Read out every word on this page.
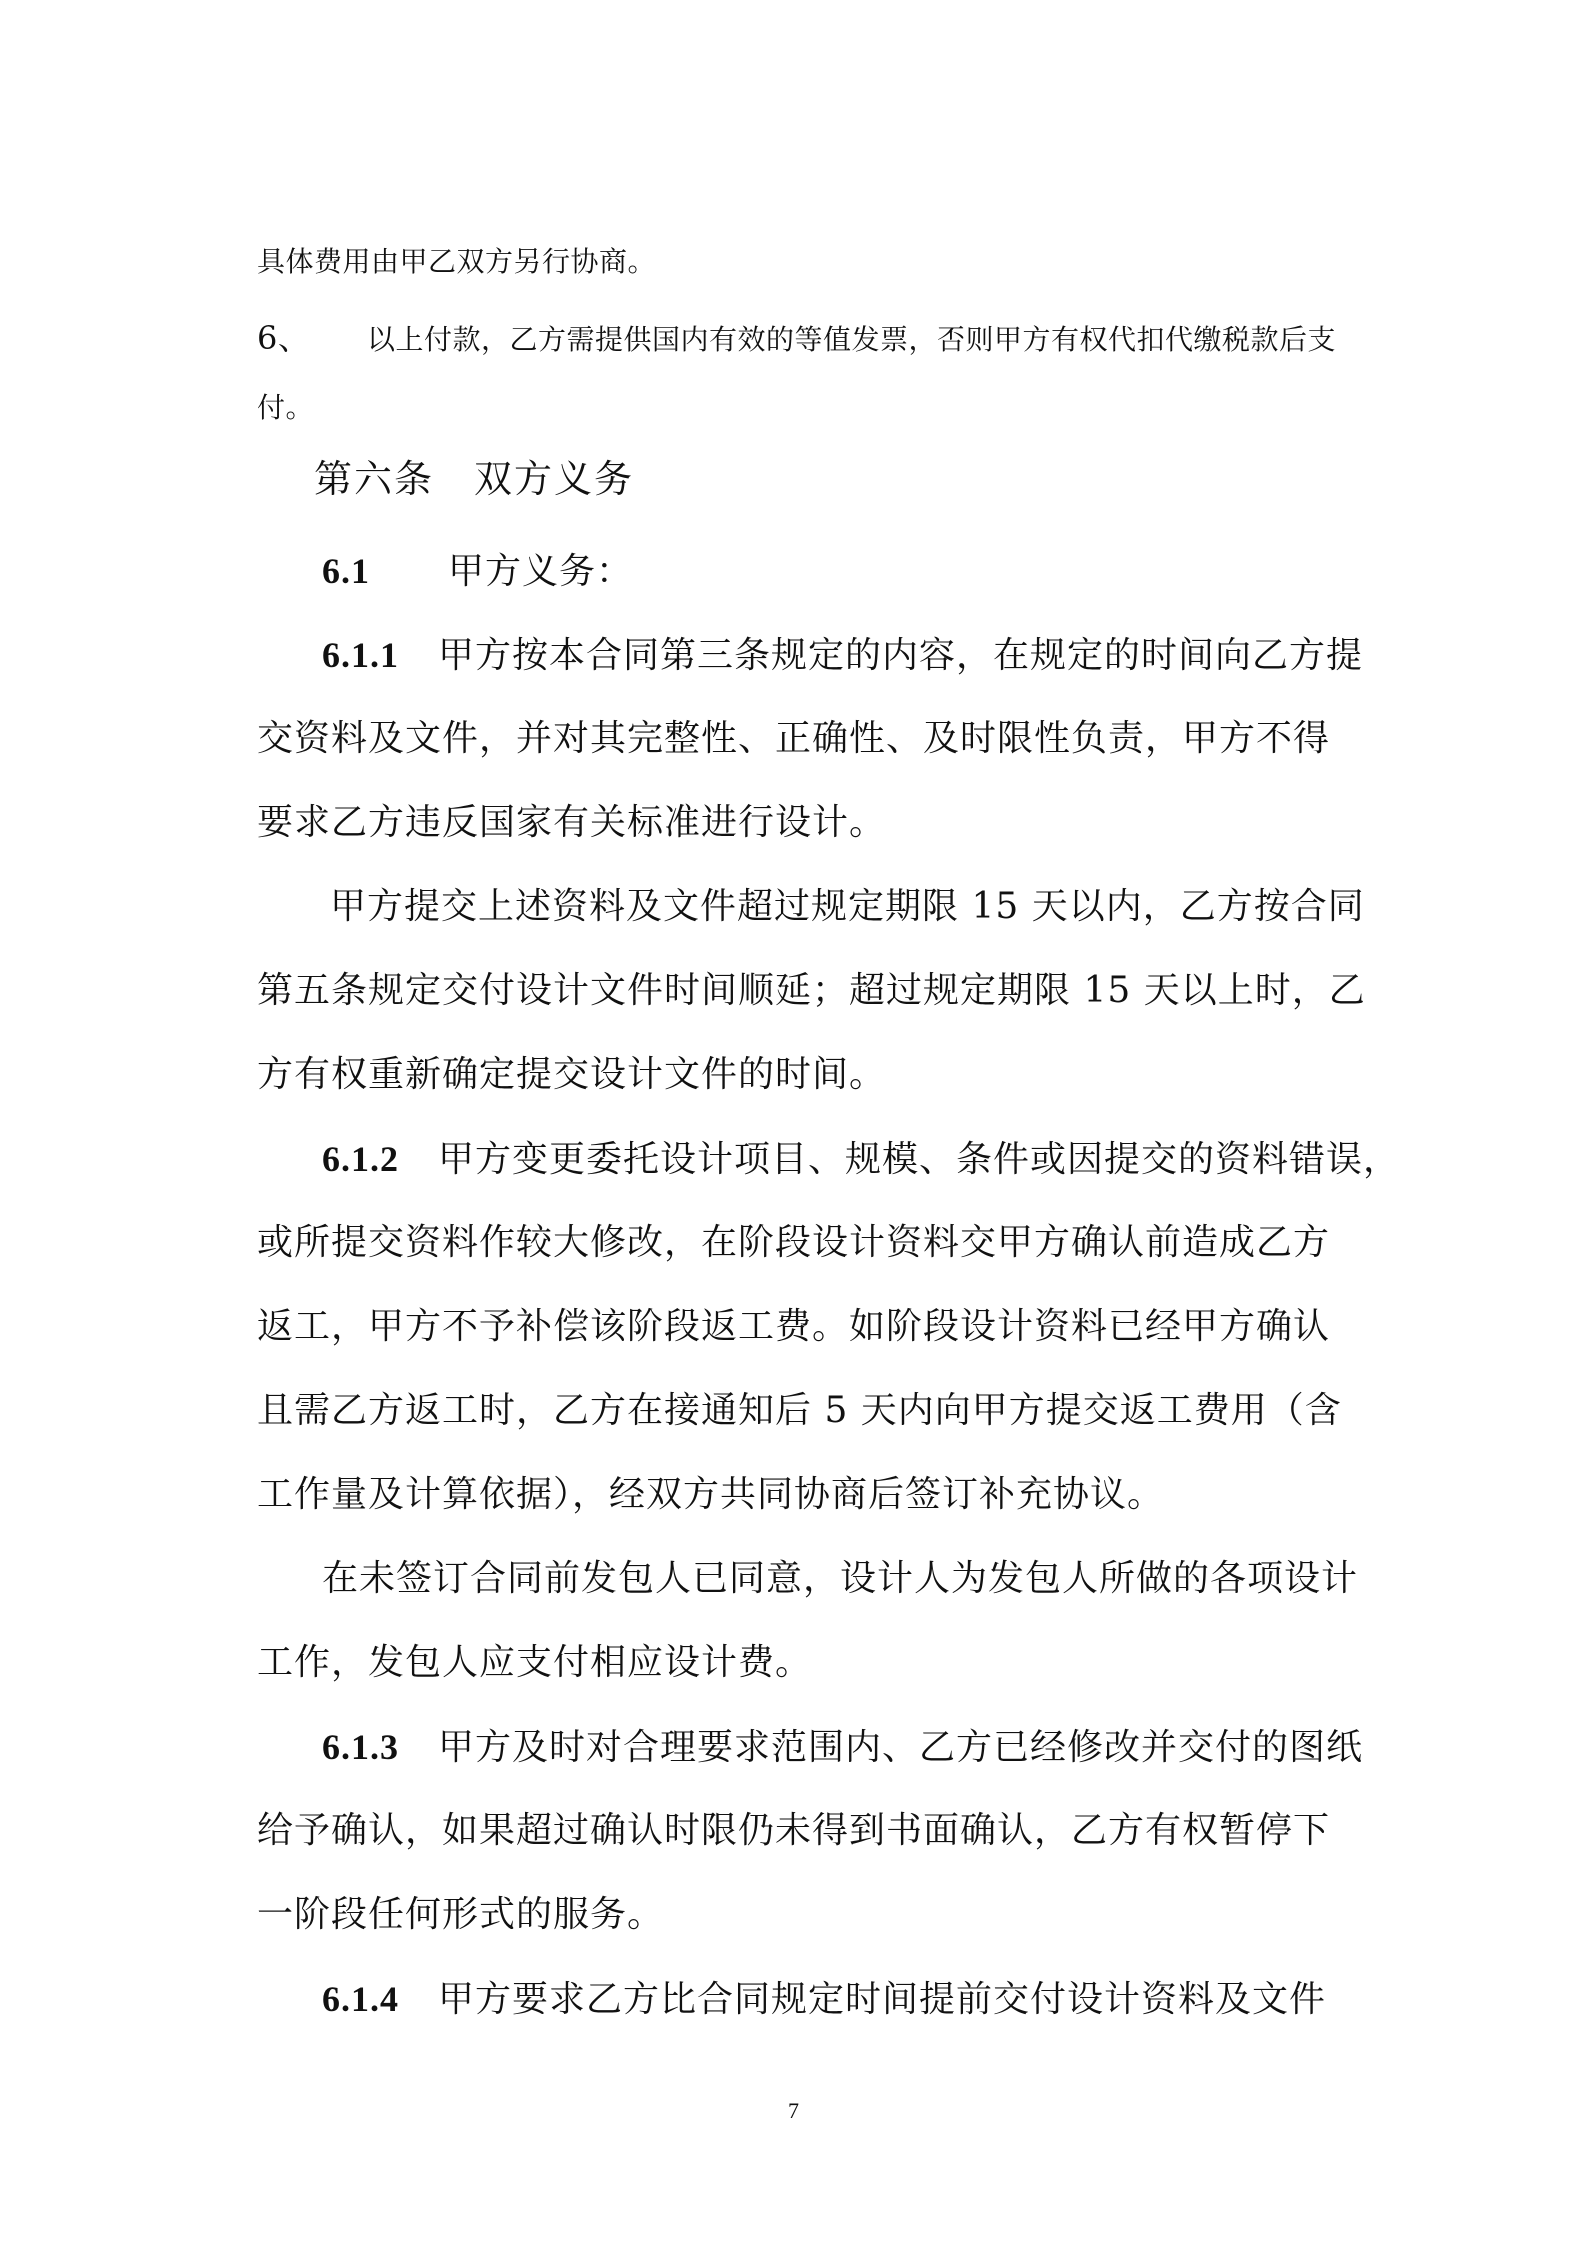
具体费用由甲乙双方另行协商。
6、 以上付款，乙方需提供国内有效的等值发票，否则甲方有权代扣代缴税款后支
付。
第六条 双方义务
6.1 甲方义务：
6.1.1 甲方按本合同第三条规定的内容，在规定的时间向乙方提
交资料及文件，并对其完整性、正确性、及时限性负责，甲方不得
要求乙方违反国家有关标准进行设计。
甲方提交上述资料及文件超过规定期限 15 天以内，乙方按合同
第五条规定交付设计文件时间顺延；超过规定期限 15 天以上时，乙
方有权重新确定提交设计文件的时间。
6.1.2 甲方变更委托设计项目、规模、条件或因提交的资料错误，
或所提交资料作较大修改，在阶段设计资料交甲方确认前造成乙方
返工，甲方不予补偿该阶段返工费。如阶段设计资料已经甲方确认
且需乙方返工时，乙方在接通知后 5 天内向甲方提交返工费用（含
工作量及计算依据），经双方共同协商后签订补充协议。
在未签订合同前发包人已同意，设计人为发包人所做的各项设计
工作，发包人应支付相应设计费。
6.1.3 甲方及时对合理要求范围内、乙方已经修改并交付的图纸
给予确认，如果超过确认时限仍未得到书面确认，乙方有权暂停下
一阶段任何形式的服务。
6.1.4 甲方要求乙方比合同规定时间提前交付设计资料及文件
7
